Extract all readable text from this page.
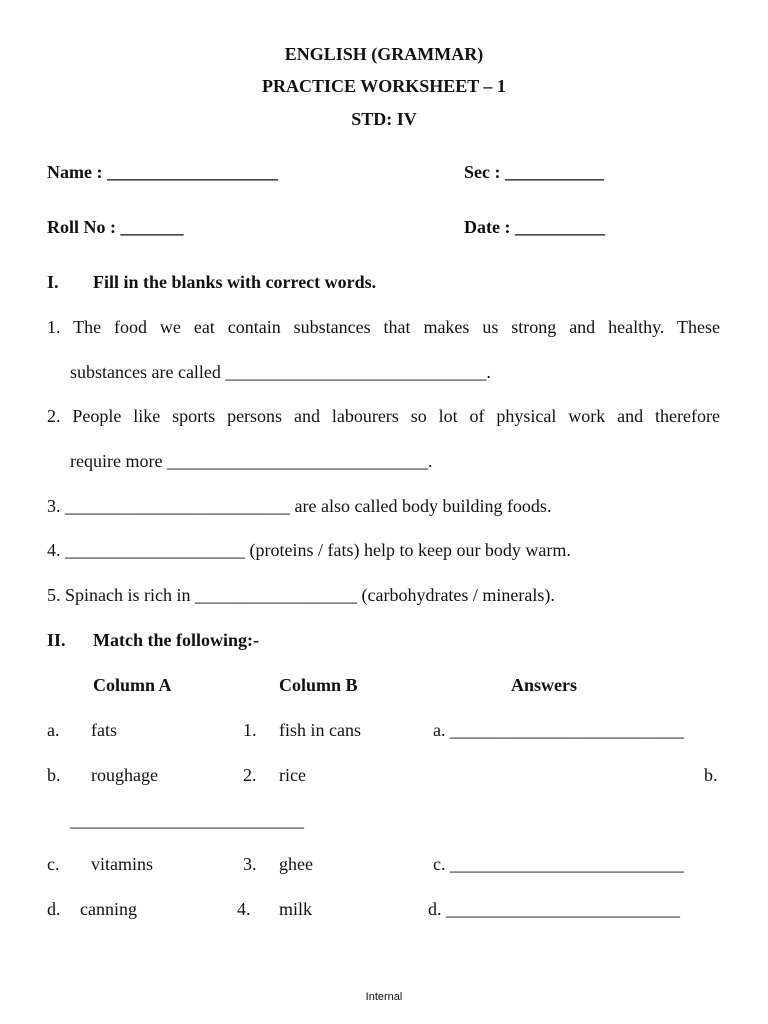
ENGLISH (GRAMMAR)
PRACTICE WORKSHEET – 1
STD: IV
Name : ___________________	Sec : ___________
Roll No : _______	Date : __________
I. Fill in the blanks with correct words.
1. The food we eat contain substances that makes us strong and healthy. These
substances are called _____________________________.
2. People like sports persons and labourers so lot of physical work and therefore
require more _____________________________.
3. _________________________ are also called body building foods.
4. ____________________ (proteins / fats) help to keep our body warm.
5. Spinach is rich in __________________ (carbohydrates / minerals).
II. Match the following:-
Column A	Column B	Answers
a. fats	1. fish in cans	a. __________________________
b. roughage	2. rice	b.
__________________________
c. vitamins	3. ghee	c. __________________________
d. canning	4. milk	d. __________________________
Internal
